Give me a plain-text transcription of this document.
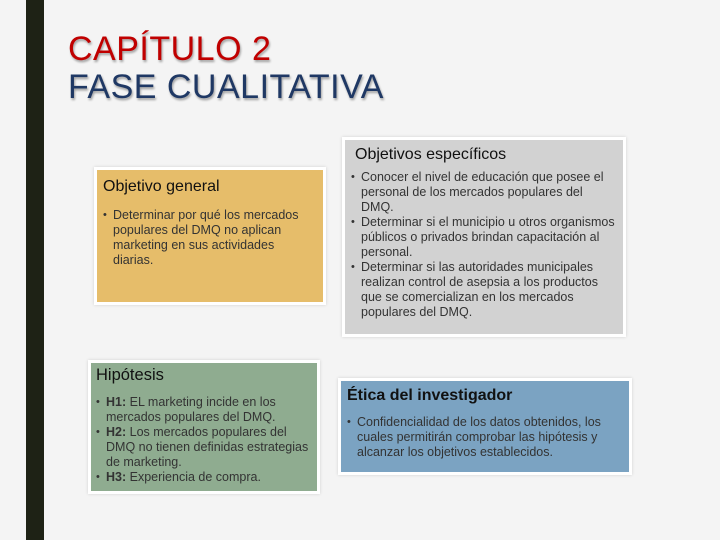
CAPÍTULO 2
FASE CUALITATIVA
Objetivo general
• Determinar por qué los mercados populares del DMQ no aplican marketing en sus actividades diarias.
Objetivos específicos
• Conocer el nivel de educación que posee el personal de los mercados populares del DMQ.
• Determinar si el municipio u otros organismos públicos o privados brindan capacitación al personal.
• Determinar si las autoridades municipales realizan control de asepsia a los productos que se comercializan en los mercados populares del DMQ.
Hipótesis
• H1: EL marketing incide en los mercados populares del DMQ.
• H2: Los mercados populares del DMQ no tienen definidas estrategias de marketing.
• H3: Experiencia de compra.
Ética del investigador
• Confidencialidad de los datos obtenidos, los cuales permitirán comprobar las hipótesis y alcanzar los objetivos establecidos.
